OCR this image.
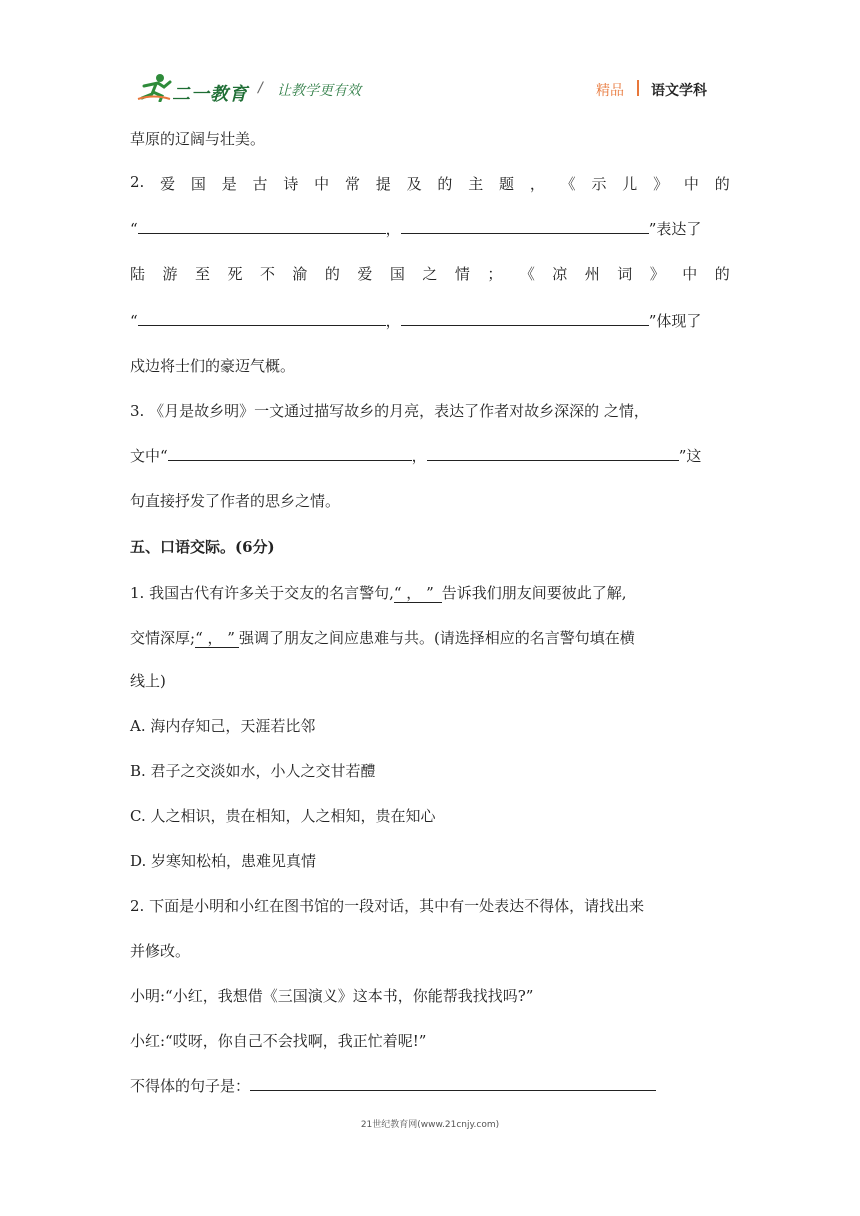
二一教育 / 让教学更有效	精品 语文学科
草原的辽阔与壮美。
2. 爱 国 是 古 诗 中 常 提 及 的 主 题 ， 《 示 儿 》 中 的
“	，	”表达了
陆 游 至 死 不 渝 的 爱 国 之 情 ； 《 凉 州 词 》 中 的
“	，	”体现了
戍边将士们的豪迈气概。
3. 《月是故乡明》一文通过描写故乡的月亮，表达了作者对故乡深深的 之情，
文中“	，	”这
句直接抒发了作者的思乡之情。
五、口语交际。(6分)
1. 我国古代有许多关于交友的名言警句,“ ， ” 告诉我们朋友间要彼此了解,
交情深厚;“ ， ” 强调了朋友之间应患难与共。(请选择相应的名言警句填在横
线上)
A. 海内存知己，天涯若比邻
B. 君子之交淡如水，小人之交甘若醴
C. 人之相识，贵在相知，人之相知，贵在知心
D. 岁寒知松柏，患难见真情
2. 下面是小明和小红在图书馆的一段对话，其中有一处表达不得体，请找出来
并修改。
小明:“小红，我想借《三国演义》这本书，你能帮我找找吗?”
小红:“哎呀，你自己不会找啊，我正忙着呢!”
不得体的句子是：
21世纪教育网(www.21cnjy.com)
